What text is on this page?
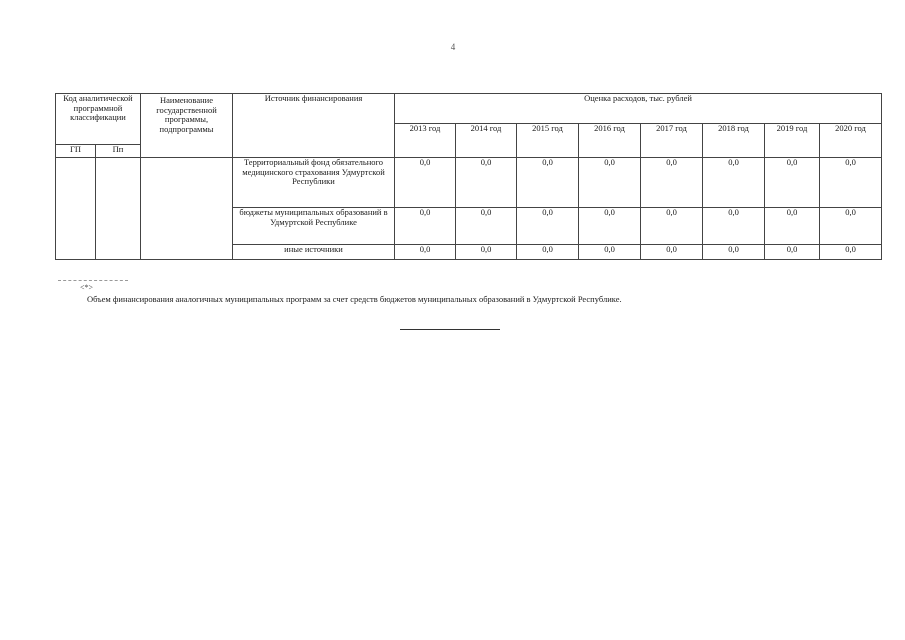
4
Код аналитической программной классификации		Наименование государственной программы, подпрограммы	Источник финансирования	Оценка расходов, тыс. рублей							
				2013 год	2014 год	2015 год	2016 год	2017 год	2018 год	2019 год	2020 год
ГП	Пп										
			Территориальный фонд обязательного медицинского страхования Удмуртской Республики	0,0	0,0	0,0	0,0	0,0	0,0	0,0	0,0
			бюджеты муниципальных образований в Удмуртской Республике	0,0	0,0	0,0	0,0	0,0	0,0	0,0	0,0
			иные источники	0,0	0,0	0,0	0,0	0,0	0,0	0,0	0,0
<*>
Объем финансирования аналогичных муниципальных программ за счет средств бюджетов муниципальных образований в Удмуртской Республике.
